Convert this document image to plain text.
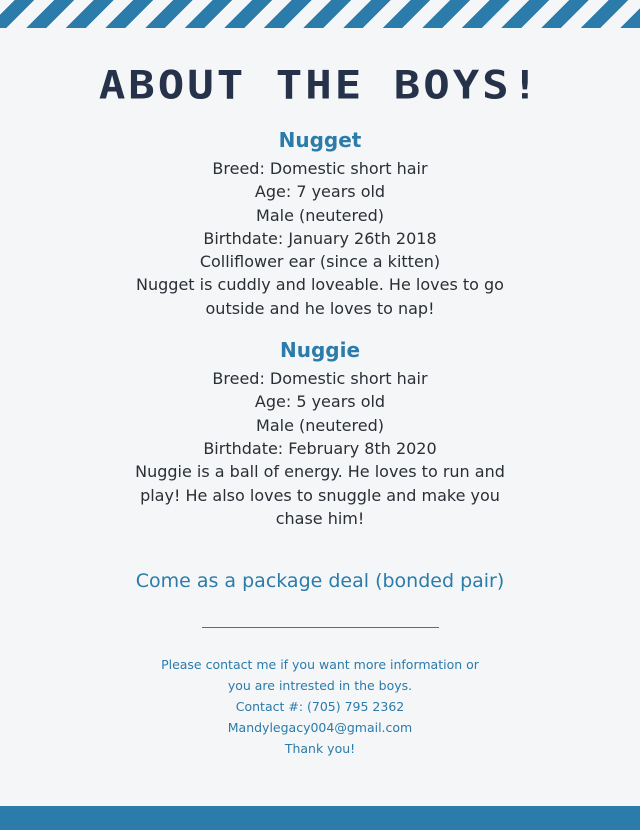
ABOUT THE BOYS!
Nugget
Breed: Domestic short hair
Age: 7 years old
Male (neutered)
Birthdate: January 26th 2018
Colliflower ear (since a kitten)
Nugget is cuddly and loveable. He loves to go outside and he loves to nap!
Nuggie
Breed: Domestic short hair
Age: 5 years old
Male (neutered)
Birthdate: February 8th 2020
Nuggie is a ball of energy. He loves to run and play! He also loves to snuggle and make you chase him!
Come as a package deal (bonded pair)
Please contact me if you want more information or
you are intrested in the boys.
Contact #: (705) 795 2362
Mandylegacy004@gmail.com
Thank you!
